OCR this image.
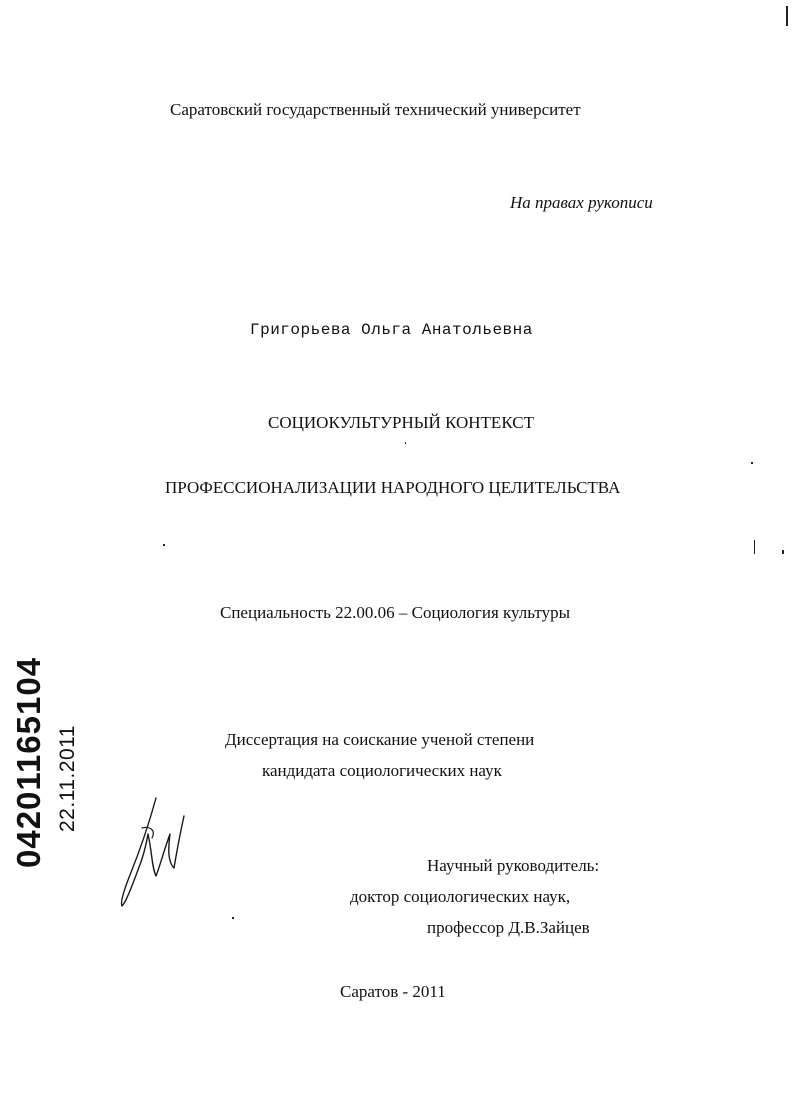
Саратовский государственный технический университет
На правах рукописи
Григорьева Ольга Анатольевна
СОЦИОКУЛЬТУРНЫЙ КОНТЕКСТ
ПРОФЕССИОНАЛИЗАЦИИ НАРОДНОГО ЦЕЛИТЕЛЬСТВА
Специальность 22.00.06 – Социология культуры
Диссертация на соискание ученой степени
кандидата социологических наук
Научный руководитель:
доктор социологических наук,
профессор Д.В.Зайцев
Саратов - 2011
04201165104 22.11.2011
